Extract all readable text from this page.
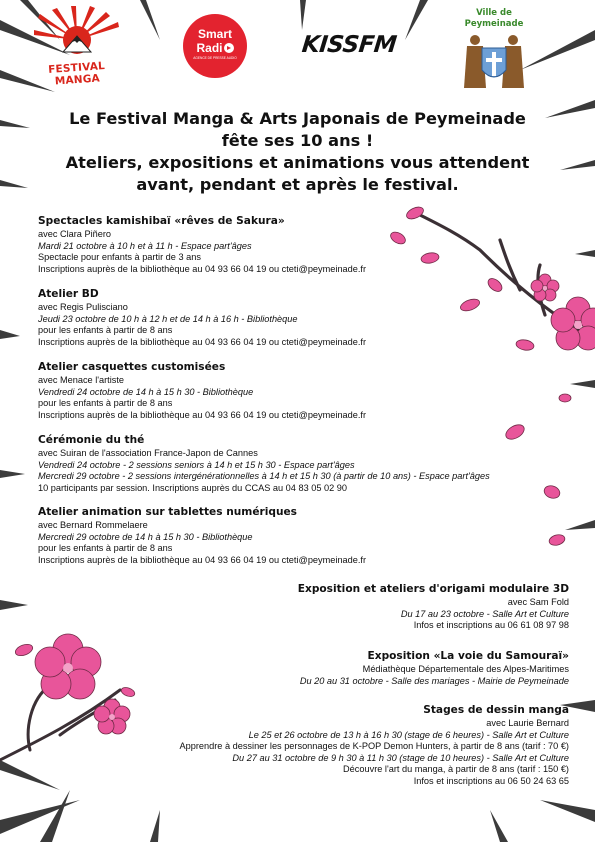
FESTIVAL MANGA
Smart
Radi
AGENCE DE PRESSE AUDIO	KISSFM
Ville de
Peymeinade
Le Festival Manga & Arts Japonais de Peymeinade
fête ses 10 ans !
Ateliers, expositions et animations vous attendent
avant, pendant et après le festival.
Spectacles kamishibaï «rêves de Sakura»

avec Clara Piñero

Mardi 21 octobre à 10 h et à 11 h - Espace part'âges

Spectacle pour enfants à partir de 3 ans

Inscriptions auprès de la bibliothèque au 04 93 66 04 19 ou cteti@peymeinade.fr

Atelier BD

avec Regis Pulisciano

Jeudi 23 octobre de 10 h à 12 h et de 14 h à 16 h - Bibliothèque

pour les enfants à partir de 8 ans

Inscriptions auprès de la bibliothèque au 04 93 66 04 19 ou cteti@peymeinade.fr

Atelier casquettes customisées

avec Menace l'artiste

Vendredi 24 octobre de 14 h à 15 h 30 - Bibliothèque

pour les enfants à partir de 8 ans

Inscriptions auprès de la bibliothèque au 04 93 66 04 19 ou cteti@peymeinade.fr

Cérémonie du thé

avec Suiran de l'association France-Japon de Cannes

Vendredi 24 octobre - 2 sessions seniors à 14 h et 15 h 30 - Espace part'âges

Mercredi 29 octobre - 2 sessions intergénérationnelles à 14 h et 15 h 30 (à partir de 10 ans) - Espace part'âges

10 participants par session. Inscriptions auprès du CCAS au 04 83 05 02 90

Atelier animation sur tablettes numériques

avec Bernard Rommelaere

Mercredi 29 octobre de 14 h à 15 h 30 - Bibliothèque

pour les enfants à partir de 8 ans

Inscriptions auprès de la bibliothèque au 04 93 66 04 19 ou cteti@peymeinade.fr

Exposition et ateliers d'origami modulaire 3D

avec Sam Fold

Du 17 au 23 octobre - Salle Art et Culture

Infos et inscriptions au 06 61 08 97 98

Exposition «La voie du Samouraï»

Médiathèque Départementale des Alpes-Maritimes

Du 20 au 31 octobre - Salle des mariages - Mairie de Peymeinade

Stages de dessin manga

avec Laurie Bernard

Le 25 et 26 octobre de 13 h à 16 h 30 (stage de 6 heures) - Salle Art et Culture

Apprendre à dessiner les personnages de K-POP Demon Hunters, à partir de 8 ans (tarif : 70 €)

Du 27 au 31 octobre de 9 h 30 à 11 h 30 (stage de 10 heures) - Salle Art et Culture

Découvre l'art du manga, à partir de 8 ans (tarif : 150 €)

Infos et inscriptions au 06 50 24 63 65
